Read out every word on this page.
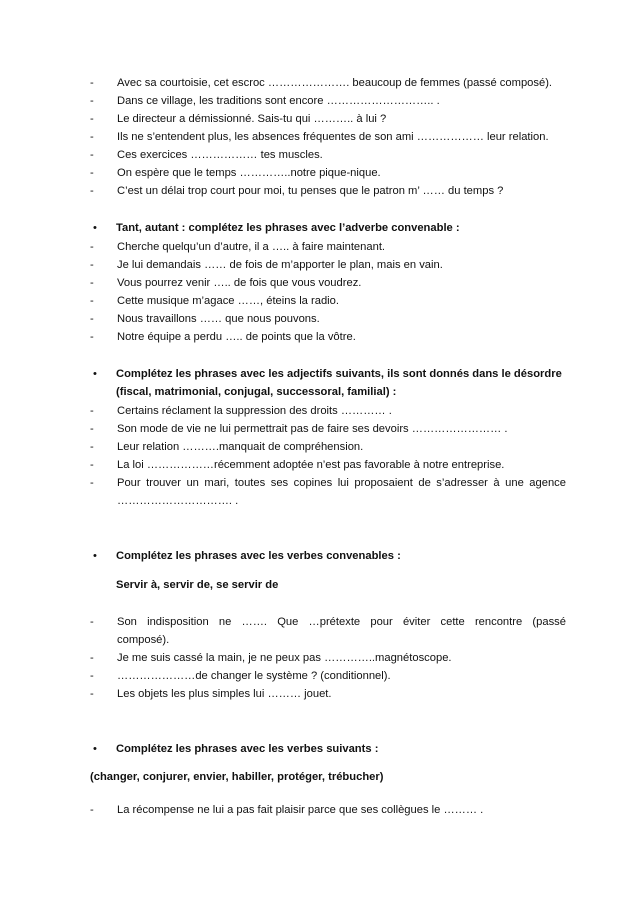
- Avec sa courtoisie, cet escroc …………………. beaucoup de femmes (passé composé).
- Dans ce village, les traditions sont encore ……………………….. .
- Le directeur a démissionné. Sais-tu qui ……….. à lui ?
- Ils ne s’entendent plus, les absences fréquentes de son ami ……………… leur relation.
- Ces exercices ……………… tes muscles.
- On espère que le temps …………..notre pique-nique.
- C’est un délai trop court pour moi, tu penses que le patron m’ …… du temps ?
• Tant, autant : complétez les phrases avec l’adverbe convenable :
- Cherche quelqu’un d’autre, il a ….. à faire maintenant.
- Je lui demandais …… de fois de m’apporter le plan, mais en vain.
- Vous pourrez venir ….. de fois que vous voudrez.
- Cette musique m’agace ……, éteins la radio.
- Nous travaillons …… que nous pouvons.
- Notre équipe a perdu ….. de points que la vôtre.
• Complétez les phrases avec les adjectifs suivants, ils sont donnés dans le désordre
(fiscal, matrimonial, conjugal, successoral, familial) :
- Certains réclament la suppression des droits ………… .
- Son mode de vie ne lui permettrait pas de faire ses devoirs …………………… .
- Leur relation ……….manquait de compréhension.
- La loi ………………récemment adoptée n’est pas favorable à notre entreprise.
- Pour trouver un mari, toutes ses copines lui proposaient de s’adresser à une agence
…………………………. .
• Complétez les phrases avec les verbes convenables :
Servir à, servir de, se servir de
- Son indisposition ne ……. Que …prétexte pour éviter cette rencontre (passé
composé).
- Je me suis cassé la main, je ne peux pas …………..magnétoscope.
- …………………de changer le système ? (conditionnel).
- Les objets les plus simples lui ……… jouet.
• Complétez les phrases avec les verbes suivants :
(changer, conjurer, envier, habiller, protéger, trébucher)
- La récompense ne lui a pas fait plaisir parce que ses collègues le ……… .
